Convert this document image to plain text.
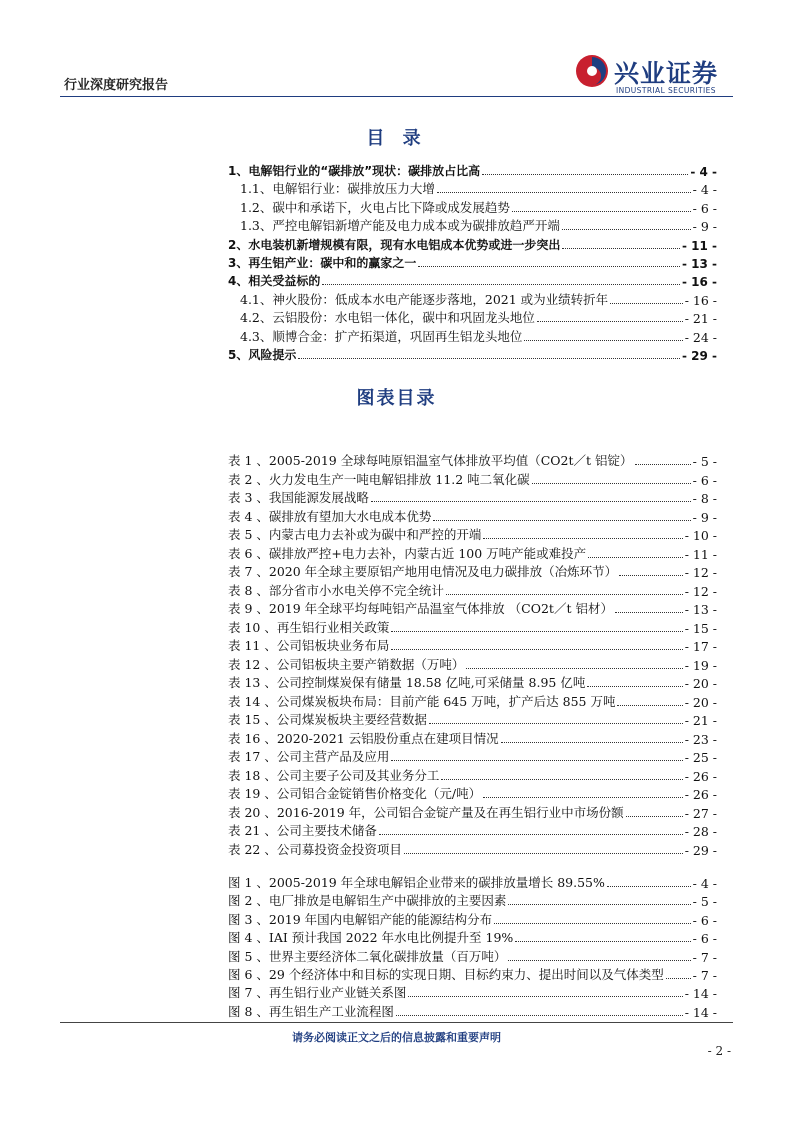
行业深度研究报告	兴业证券
INDUSTRIAL SECURITIES
目 录
1、电解铝行业的“碳排放”现状：碳排放占比高	- 4 -
1.1、电解铝行业：碳排放压力大增	- 4 -
1.2、碳中和承诺下，火电占比下降或成发展趋势	- 6 -
1.3、严控电解铝新增产能及电力成本或为碳排放趋严开端	- 9 -
2、水电装机新增规模有限，现有水电铝成本优势或进一步突出	- 11 -
3、再生铝产业：碳中和的赢家之一	- 13 -
4、相关受益标的	- 16 -
4.1、神火股份：低成本水电产能逐步落地，2021 或为业绩转折年	- 16 -
4.2、云铝股份：水电铝一体化，碳中和巩固龙头地位	- 21 -
4.3、顺博合金：扩产拓渠道，巩固再生铝龙头地位	- 24 -
5、风险提示	- 29 -
图表目录
表 1 、2005-2019 全球每吨原铝温室气体排放平均值（CO2t／t 铝锭）	- 5 -
表 2 、火力发电生产一吨电解铝排放 11.2 吨二氧化碳	- 6 -
表 3 、我国能源发展战略	- 8 -
表 4 、碳排放有望加大水电成本优势	- 9 -
表 5 、内蒙古电力去补或为碳中和严控的开端	- 10 -
表 6 、碳排放严控+电力去补，内蒙古近 100 万吨产能或难投产	- 11 -
表 7 、2020 年全球主要原铝产地用电情况及电力碳排放（冶炼环节）	- 12 -
表 8 、部分省市小水电关停不完全统计	- 12 -
表 9 、2019 年全球平均每吨铝产品温室气体排放 （CO2t／t 铝材）	- 13 -
表 10 、再生铝行业相关政策	- 15 -
表 11 、公司铝板块业务布局	- 17 -
表 12 、公司铝板块主要产销数据（万吨）	- 19 -
表 13 、公司控制煤炭保有储量 18.58 亿吨,可采储量 8.95 亿吨	- 20 -
表 14 、公司煤炭板块布局：目前产能 645 万吨，扩产后达 855 万吨	- 20 -
表 15 、公司煤炭板块主要经营数据	- 21 -
表 16 、2020-2021 云铝股份重点在建项目情况	- 23 -
表 17 、公司主营产品及应用	- 25 -
表 18 、公司主要子公司及其业务分工	- 26 -
表 19 、公司铝合金锭销售价格变化（元/吨）	- 26 -
表 20 、2016-2019 年，公司铝合金锭产量及在再生铝行业中市场份额	- 27 -
表 21 、公司主要技术储备	- 28 -
表 22 、公司募投资金投资项目	- 29 -
图 1 、2005-2019 年全球电解铝企业带来的碳排放量增长 89.55%	- 4 -
图 2 、电厂排放是电解铝生产中碳排放的主要因素	- 5 -
图 3 、2019 年国内电解铝产能的能源结构分布	- 6 -
图 4 、IAI 预计我国 2022 年水电比例提升至 19%	- 6 -
图 5 、世界主要经济体二氧化碳排放量（百万吨）	- 7 -
图 6 、29 个经济体中和目标的实现日期、目标约束力、提出时间以及气体类型 - 7 -
图 7 、再生铝行业产业链关系图	- 14 -
图 8 、再生铝生产工业流程图	- 14 -
请务必阅读正文之后的信息披露和重要声明
- 2 -
